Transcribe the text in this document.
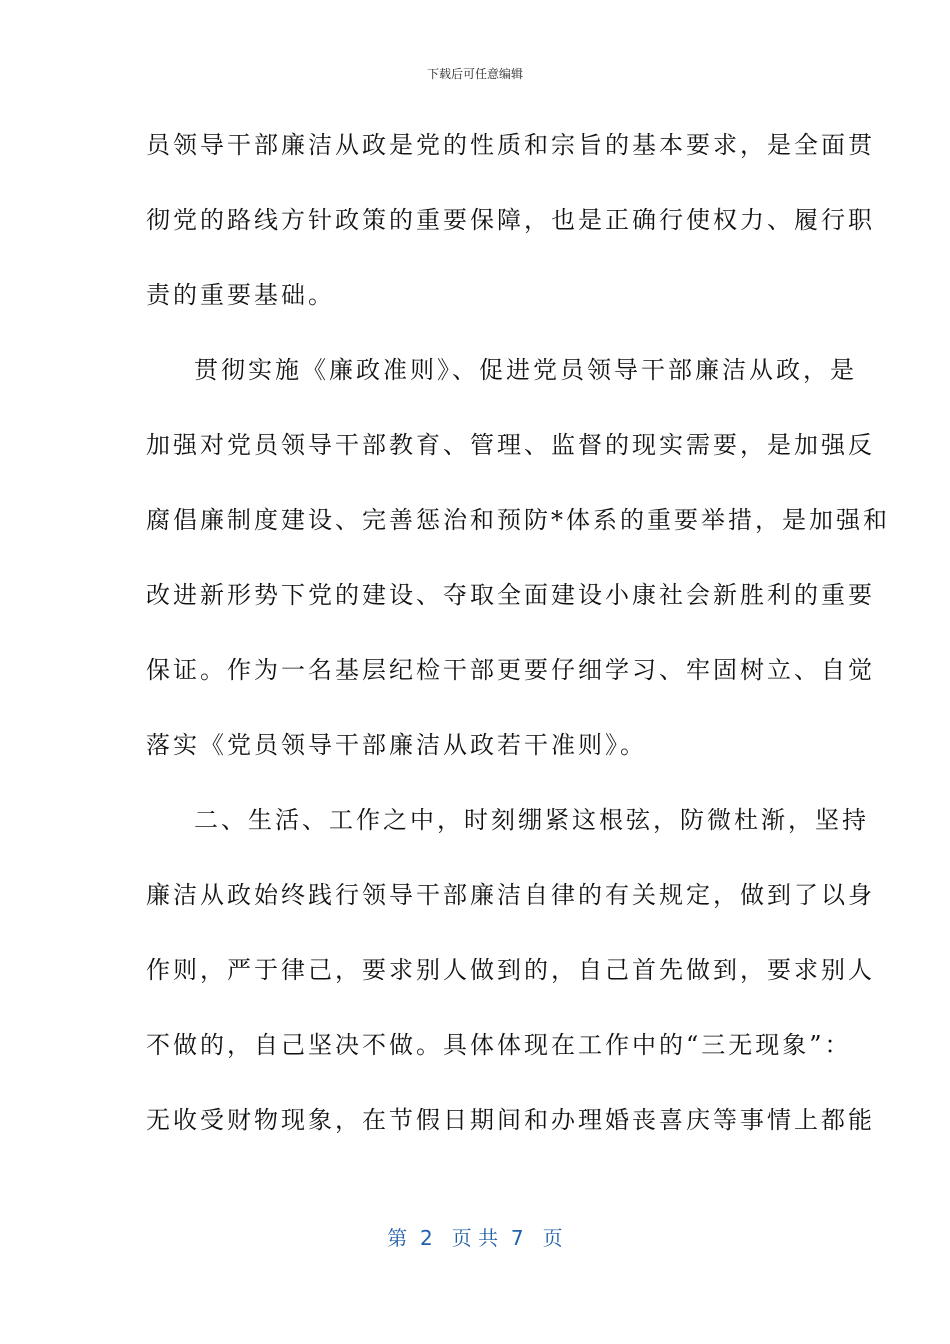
下载后可任意编辑
员领导干部廉洁从政是党的性质和宗旨的基本要求，是全面贯
彻党的路线方针政策的重要保障，也是正确行使权力、履行职
责的重要基础。
贯彻实施《廉政准则》、促进党员领导干部廉洁从政，是
加强对党员领导干部教育、管理、监督的现实需要，是加强反
腐倡廉制度建设、完善惩治和预防*体系的重要举措，是加强和
改进新形势下党的建设、夺取全面建设小康社会新胜利的重要
保证。作为一名基层纪检干部更要仔细学习、牢固树立、自觉
落实《党员领导干部廉洁从政若干准则》。
二、生活、工作之中，时刻绷紧这根弦，防微杜渐，坚持
廉洁从政始终践行领导干部廉洁自律的有关规定，做到了以身
作则，严于律己，要求别人做到的，自己首先做到，要求别人
不做的，自己坚决不做。具体体现在工作中的“三无现象”：
无收受财物现象，在节假日期间和办理婚丧喜庆等事情上都能
第  2   页 共  7   页
